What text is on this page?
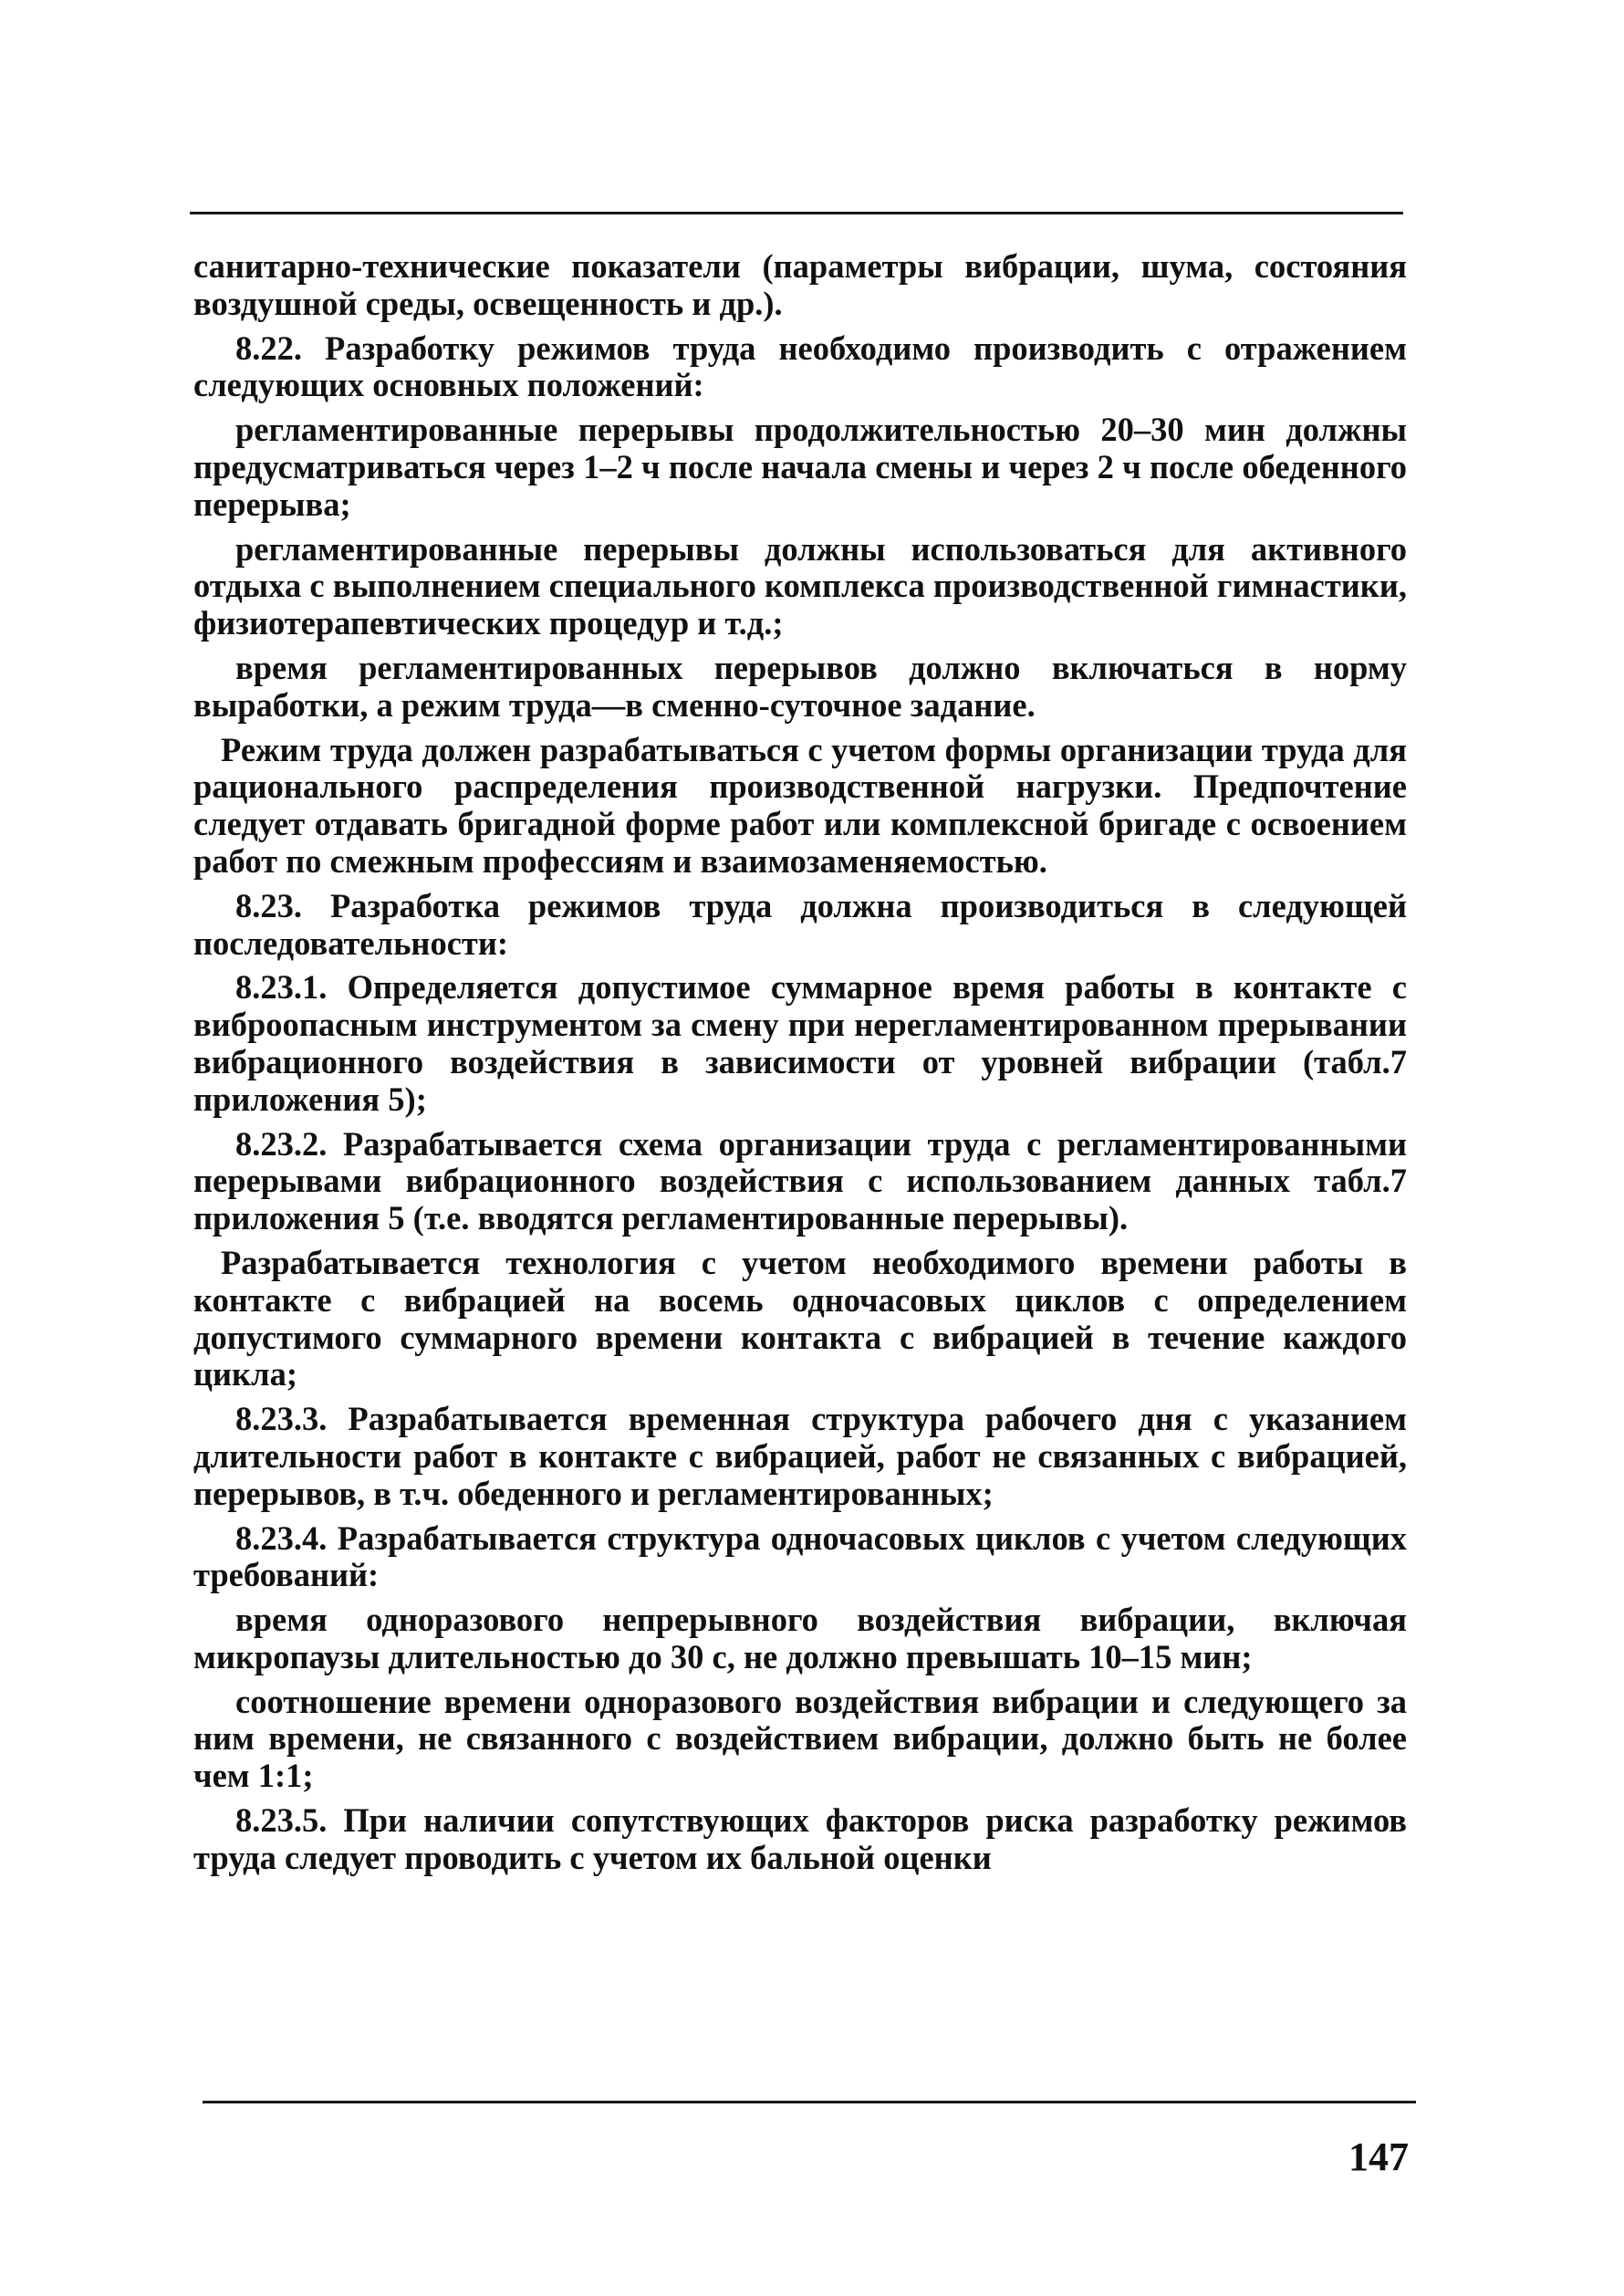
санитарно-технические показатели (параметры вибрации, шума, состояния воздушной среды, освещенность и др.).

8.22. Разработку режимов труда необходимо производить с отражением следующих основных положений:

регламентированные перерывы продолжительностью 20–30 мин должны предусматриваться через 1–2 ч после начала смены и через 2 ч после обеденного перерыва;

регламентированные перерывы должны использоваться для активного отдыха с выполнением специального комплекса производственной гимнастики, физиотерапевтических процедур и т.д.;

время регламентированных перерывов должно включаться в норму выработки, а режим труда—в сменно-суточное задание.

Режим труда должен разрабатываться с учетом формы организации труда для рационального распределения производственной нагрузки. Предпочтение следует отдавать бригадной форме работ или комплексной бригаде с освоением работ по смежным профессиям и взаимозаменяемостью.

8.23. Разработка режимов труда должна производиться в следующей последовательности:

8.23.1. Определяется допустимое суммарное время работы в контакте с виброопасным инструментом за смену при нерегламентированном прерывании вибрационного воздействия в зависимости от уровней вибрации (табл.7 приложения 5);

8.23.2. Разрабатывается схема организации труда с регламентированными перерывами вибрационного воздействия с использованием данных табл.7 приложения 5 (т.е. вводятся регламентированные перерывы).

Разрабатывается технология с учетом необходимого времени работы в контакте с вибрацией на восемь одночасовых циклов с определением допустимого суммарного времени контакта с вибрацией в течение каждого цикла;

8.23.3. Разрабатывается временная структура рабочего дня с указанием длительности работ в контакте с вибрацией, работ не связанных с вибрацией, перерывов, в т.ч. обеденного и регламентированных;

8.23.4. Разрабатывается структура одночасовых циклов с учетом следующих требований:

время одноразового непрерывного воздействия вибрации, включая микропаузы длительностью до 30 с, не должно превышать 10–15 мин;

соотношение времени одноразового воздействия вибрации и следующего за ним времени, не связанного с воздействием вибрации, должно быть не более чем 1:1;

8.23.5. При наличии сопутствующих факторов риска разработку режимов труда следует проводить с учетом их бальной оценки

147
